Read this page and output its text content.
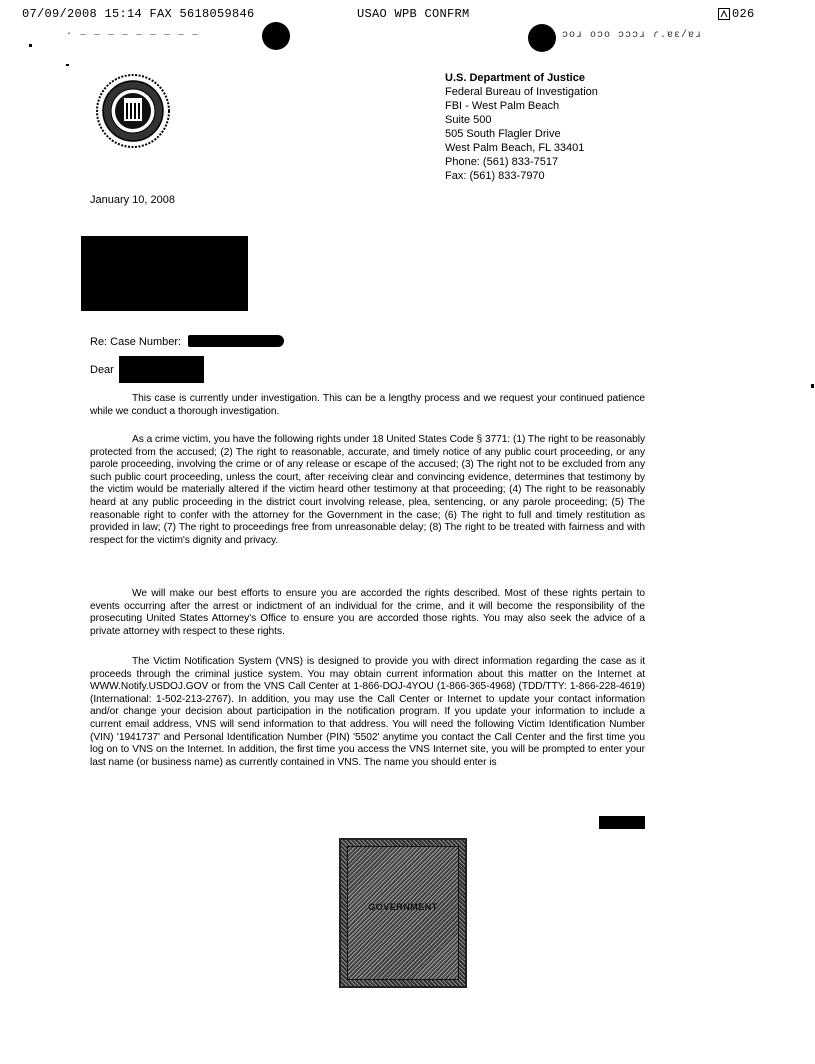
07/09/2008 15:14 FAX 5618059846	USAO WPB CONFRM	026
. _ _ _ _ _ _ _ _ _	ɔoɹ oɔo ɔɔɔɹ ɾ.ɐɛ/ɐɹ
U.S. Department of Justice
Federal Bureau of Investigation
FBI - West Palm Beach
Suite 500
505 South Flagler Drive
West Palm Beach, FL 33401
Phone: (561) 833-7517
Fax: (561) 833-7970
January 10, 2008
Re: Case Number:
Dear
This case is currently under investigation. This can be a lengthy process and we request your continued patience while we conduct a thorough investigation.
As a crime victim, you have the following rights under 18 United States Code § 3771: (1) The right to be reasonably protected from the accused; (2) The right to reasonable, accurate, and timely notice of any public court proceeding, or any parole proceeding, involving the crime or of any release or escape of the accused; (3) The right not to be excluded from any such public court proceeding, unless the court, after receiving clear and convincing evidence, determines that testimony by the victim would be materially altered if the victim heard other testimony at that proceeding; (4) The right to be reasonably heard at any public proceeding in the district court involving release, plea, sentencing, or any parole proceeding; (5) The reasonable right to confer with the attorney for the Government in the case; (6) The right to full and timely restitution as provided in law; (7) The right to proceedings free from unreasonable delay; (8) The right to be treated with fairness and with respect for the victim's dignity and privacy.
We will make our best efforts to ensure you are accorded the rights described. Most of these rights pertain to events occurring after the arrest or indictment of an individual for the crime, and it will become the responsibility of the prosecuting United States Attorney's Office to ensure you are accorded those rights. You may also seek the advice of a private attorney with respect to these rights.
The Victim Notification System (VNS) is designed to provide you with direct information regarding the case as it proceeds through the criminal justice system. You may obtain current information about this matter on the Internet at WWW.Notify.USDOJ.GOV or from the VNS Call Center at 1-866-DOJ-4YOU (1-866-365-4968) (TDD/TTY: 1-866-228-4619) (International: 1-502-213-2767). In addition, you may use the Call Center or Internet to update your contact information and/or change your decision about participation in the notification program. If you update your information to include a current email address, VNS will send information to that address. You will need the following Victim Identification Number (VIN) '1941737' and Personal Identification Number (PIN) '5502' anytime you contact the Call Center and the first time you log on to VNS on the Internet. In addition, the first time you access the VNS Internet site, you will be prompted to enter your last name (or business name) as currently contained in VNS. The name you should enter is
GOVERNMENT
